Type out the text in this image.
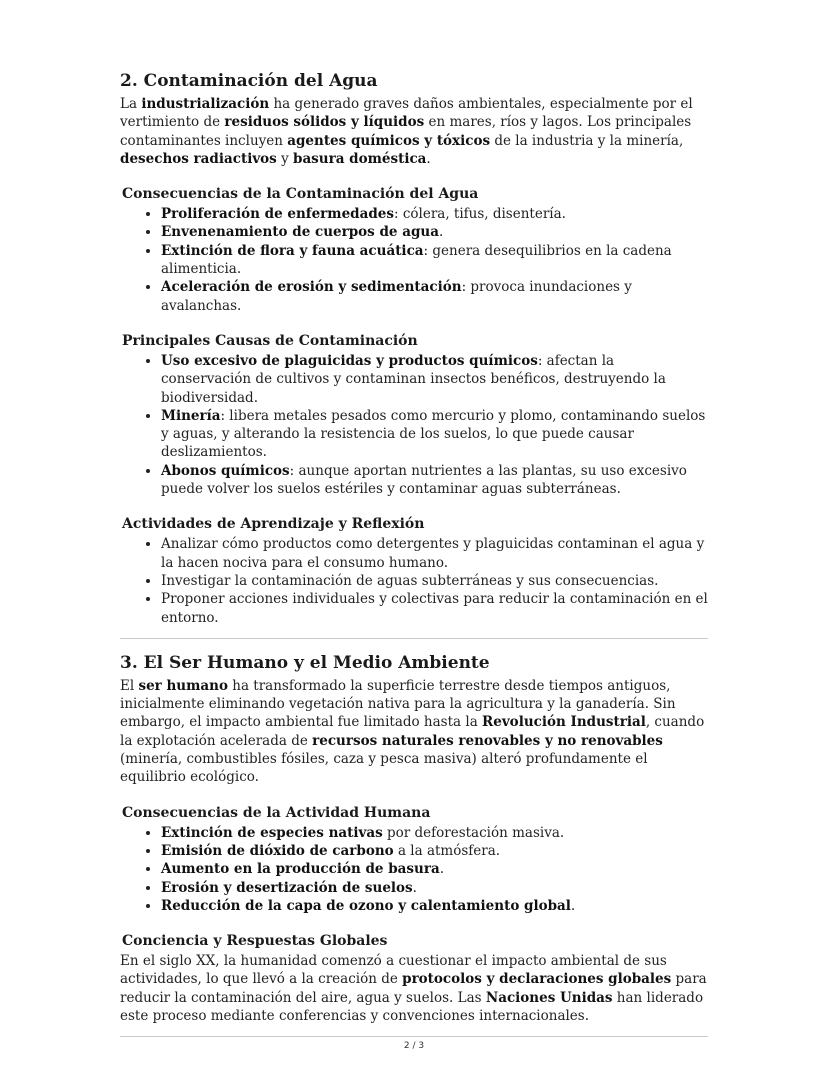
2. Contaminación del Agua

La industrialización ha generado graves daños ambientales, especialmente por el vertimiento de residuos sólidos y líquidos en mares, ríos y lagos. Los principales contaminantes incluyen agentes químicos y tóxicos de la industria y la minería, desechos radiactivos y basura doméstica.

Consecuencias de la Contaminación del Agua
• Proliferación de enfermedades: cólera, tifus, disentería.
• Envenenamiento de cuerpos de agua.
• Extinción de flora y fauna acuática: genera desequilibrios en la cadena alimenticia.
• Aceleración de erosión y sedimentación: provoca inundaciones y avalanchas.
Principales Causas de Contaminación
• Uso excesivo de plaguicidas y productos químicos: afectan la conservación de cultivos y contaminan insectos benéficos, destruyendo la biodiversidad.
• Minería: libera metales pesados como mercurio y plomo, contaminando suelos y aguas, y alterando la resistencia de los suelos, lo que puede causar deslizamientos.
• Abonos químicos: aunque aportan nutrientes a las plantas, su uso excesivo puede volver los suelos estériles y contaminar aguas subterráneas.
Actividades de Aprendizaje y Reflexión
• Analizar cómo productos como detergentes y plaguicidas contaminan el agua y la hacen nociva para el consumo humano.
• Investigar la contaminación de aguas subterráneas y sus consecuencias.
• Proponer acciones individuales y colectivas para reducir la contaminación en el entorno.
3. El Ser Humano y el Medio Ambiente

El ser humano ha transformado la superficie terrestre desde tiempos antiguos, inicialmente eliminando vegetación nativa para la agricultura y la ganadería. Sin embargo, el impacto ambiental fue limitado hasta la Revolución Industrial, cuando la explotación acelerada de recursos naturales renovables y no renovables (minería, combustibles fósiles, caza y pesca masiva) alteró profundamente el equilibrio ecológico.

Consecuencias de la Actividad Humana
• Extinción de especies nativas por deforestación masiva.
• Emisión de dióxido de carbono a la atmósfera.
• Aumento en la producción de basura.
• Erosión y desertización de suelos.
• Reducción de la capa de ozono y calentamiento global.
Conciencia y Respuestas Globales

En el siglo XX, la humanidad comenzó a cuestionar el impacto ambiental de sus actividades, lo que llevó a la creación de protocolos y declaraciones globales para reducir la contaminación del aire, agua y suelos. Las Naciones Unidas han liderado este proceso mediante conferencias y convenciones internacionales.

2 / 3
